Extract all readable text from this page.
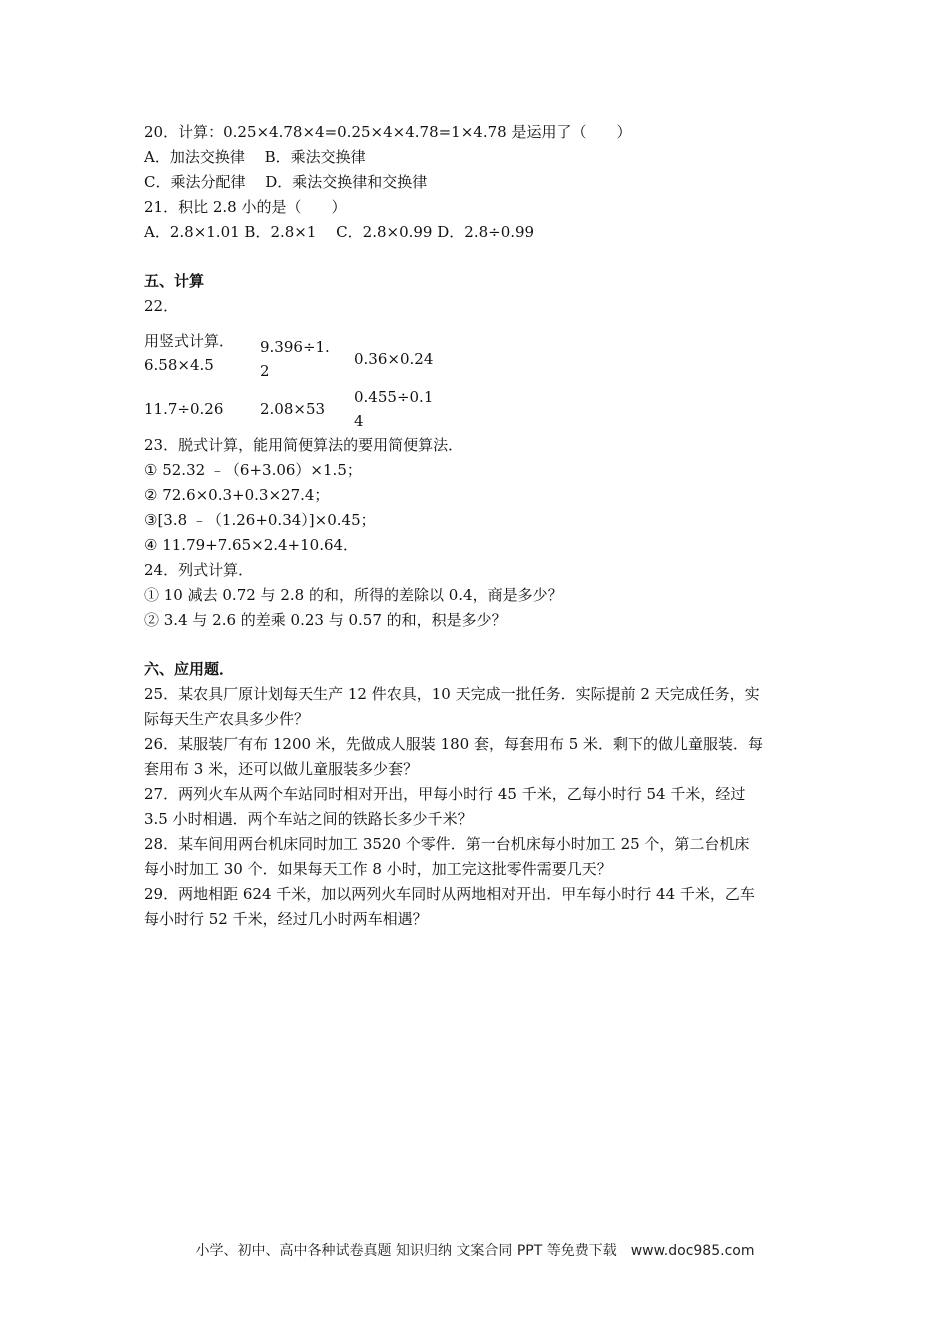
20．计算：0.25×4.78×4=0.25×4×4.78=1×4.78 是运用了（　　）
A．加法交换律　 B．乘法交换律
C．乘法分配律　 D．乘法交换律和交换律
21．积比 2.8 小的是（　　）
A．2.8×1.01 B．2.8×1　 C．2.8×0.99 D．2.8÷0.99
五、计算
22．
用竖式计算．
6.58×4.5
9.396÷1.
2
0.36×0.24
11.7÷0.26 2.08×53
0.455÷0.1
4
23．脱式计算，能用简便算法的要用简便算法．
① 52.32 ﹣（6+3.06）×1.5；
② 72.6×0.3+0.3×27.4；
③[3.8 ﹣（1.26+0.34）]×0.45；
④ 11.79+7.65×2.4+10.64．
24．列式计算．
① 10 减去 0.72 与 2.8 的和，所得的差除以 0.4，商是多少？
② 3.4 与 2.6 的差乘 0.23 与 0.57 的和，积是多少？
六、应用题．
25．某农具厂原计划每天生产 12 件农具，10 天完成一批任务．实际提前 2 天完成任务，实
际每天生产农具多少件？
26．某服装厂有布 1200 米，先做成人服装 180 套，每套用布 5 米．剩下的做儿童服装．每
套用布 3 米，还可以做儿童服装多少套？
27．两列火车从两个车站同时相对开出，甲每小时行 45 千米，乙每小时行 54 千米，经过
3.5 小时相遇．两个车站之间的铁路长多少千米？
28．某车间用两台机床同时加工 3520 个零件．第一台机床每小时加工 25 个，第二台机床
每小时加工 30 个．如果每天工作 8 小时，加工完这批零件需要几天？
29．两地相距 624 千米，加以两列火车同时从两地相对开出．甲车每小时行 44 千米，乙车
每小时行 52 千米，经过几小时两车相遇？
小学、初中、高中各种试卷真题 知识归纳 文案合同 PPT 等免费下载　www.doc985.com
